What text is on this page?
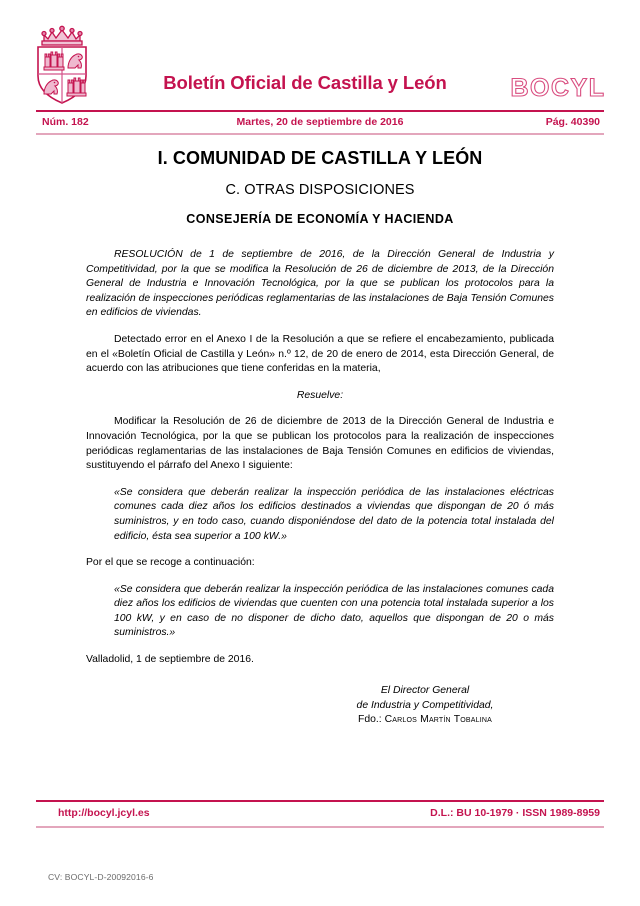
Boletín Oficial de Castilla y León	BOCYL
Núm. 182	Martes, 20 de septiembre de 2016	Pág. 40390
I. COMUNIDAD DE CASTILLA Y LEÓN
C. OTRAS DISPOSICIONES
CONSEJERÍA DE ECONOMÍA Y HACIENDA

RESOLUCIÓN de 1 de septiembre de 2016, de la Dirección General de Industria y Competitividad, por la que se modifica la Resolución de 26 de diciembre de 2013, de la Dirección General de Industria e Innovación Tecnológica, por la que se publican los protocolos para la realización de inspecciones periódicas reglamentarias de las instalaciones de Baja Tensión Comunes en edificios de viviendas.

Detectado error en el Anexo I de la Resolución a que se refiere el encabezamiento, publicada en el «Boletín Oficial de Castilla y León» n.º 12, de 20 de enero de 2014, esta Dirección General, de acuerdo con las atribuciones que tiene conferidas en la materia,

Resuelve:

Modificar la Resolución de 26 de diciembre de 2013 de la Dirección General de Industria e Innovación Tecnológica, por la que se publican los protocolos para la realización de inspecciones periódicas reglamentarias de las instalaciones de Baja Tensión Comunes en edificios de viviendas, sustituyendo el párrafo del Anexo I siguiente:

«Se considera que deberán realizar la inspección periódica de las instalaciones eléctricas comunes cada diez años los edificios destinados a viviendas que dispongan de 20 ó más suministros, y en todo caso, cuando disponiéndose del dato de la potencia total instalada del edificio, ésta sea superior a 100 kW.»

Por el que se recoge a continuación:

«Se considera que deberán realizar la inspección periódica de las instalaciones comunes cada diez años los edificios de viviendas que cuenten con una potencia total instalada superior a los 100 kW, y en caso de no disponer de dicho dato, aquellos que dispongan de 20 o más suministros.»

Valladolid, 1 de septiembre de 2016.

El Director General
de Industria y Competitividad,
Fdo.: Carlos Martín Tobalina
http://bocyl.jcyl.es	D.L.: BU 10-1979 · ISSN 1989-8959
CV: BOCYL-D-20092016-6
